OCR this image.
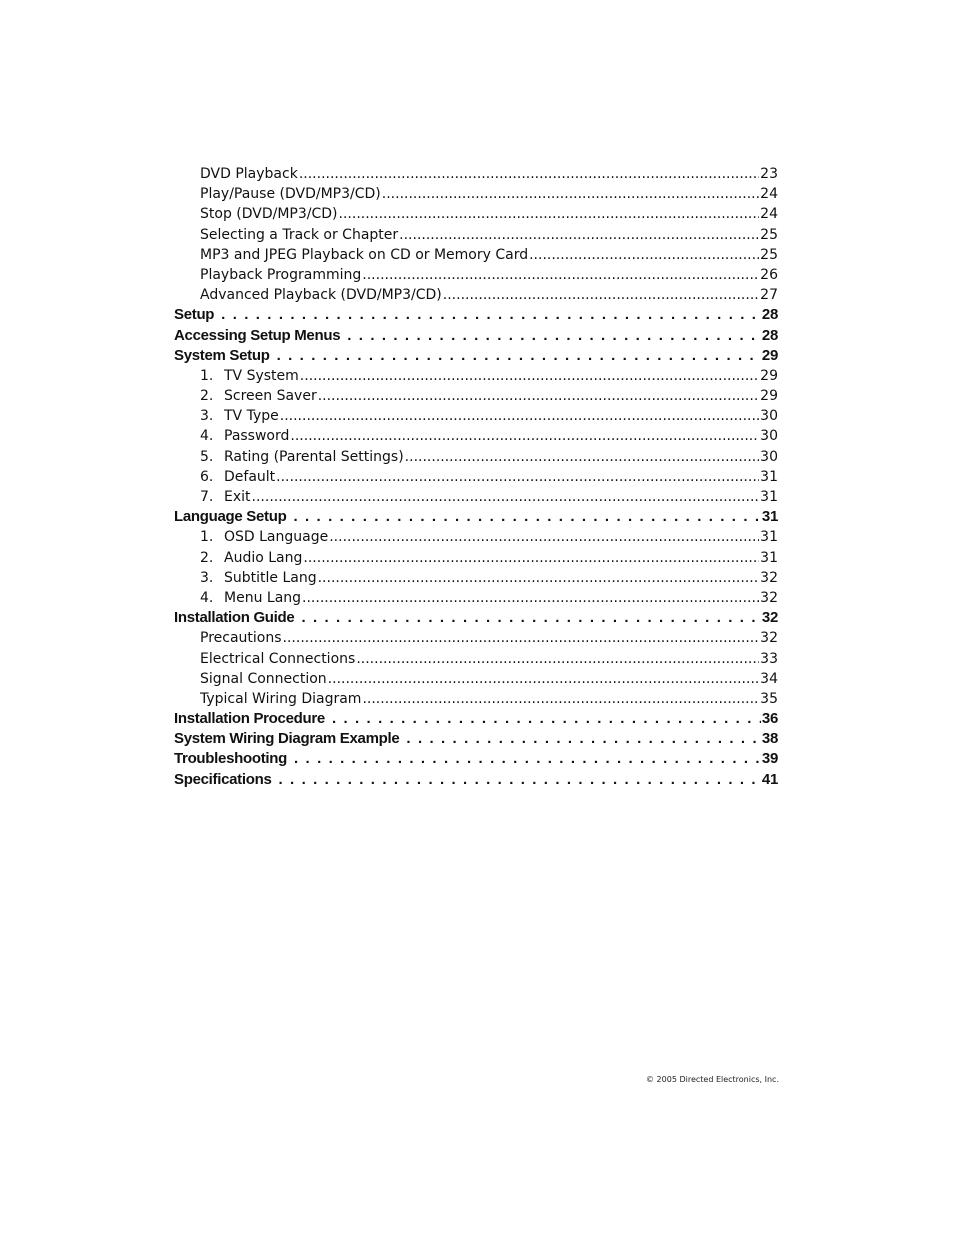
DVD Playback .....	23
Play/Pause (DVD/MP3/CD) .....	24
Stop (DVD/MP3/CD) .....	24
Selecting a Track or Chapter .....	25
MP3 and JPEG Playback on CD or Memory Card .....	25
Playback Programming .....	26
Advanced Playback (DVD/MP3/CD) .....	27
Setup . . .	28
Accessing Setup Menus . . .	28
System Setup . . .	29
1. TV System .....	29
2. Screen Saver .....	29
3. TV Type .....	30
4. Password .....	30
5. Rating (Parental Settings) .....	30
6. Default .....	31
7. Exit .....	31
Language Setup . . .	31
1. OSD Language .....	31
2. Audio Lang .....	31
3. Subtitle Lang .....	32
4. Menu Lang .....	32
Installation Guide . . .	32
Precautions .....	32
Electrical Connections .....	33
Signal Connection .....	34
Typical Wiring Diagram .....	35
Installation Procedure . . .	36
System Wiring Diagram Example . . .	38
Troubleshooting . . .	39
Specifications . . .	41
© 2005 Directed Electronics, Inc.
